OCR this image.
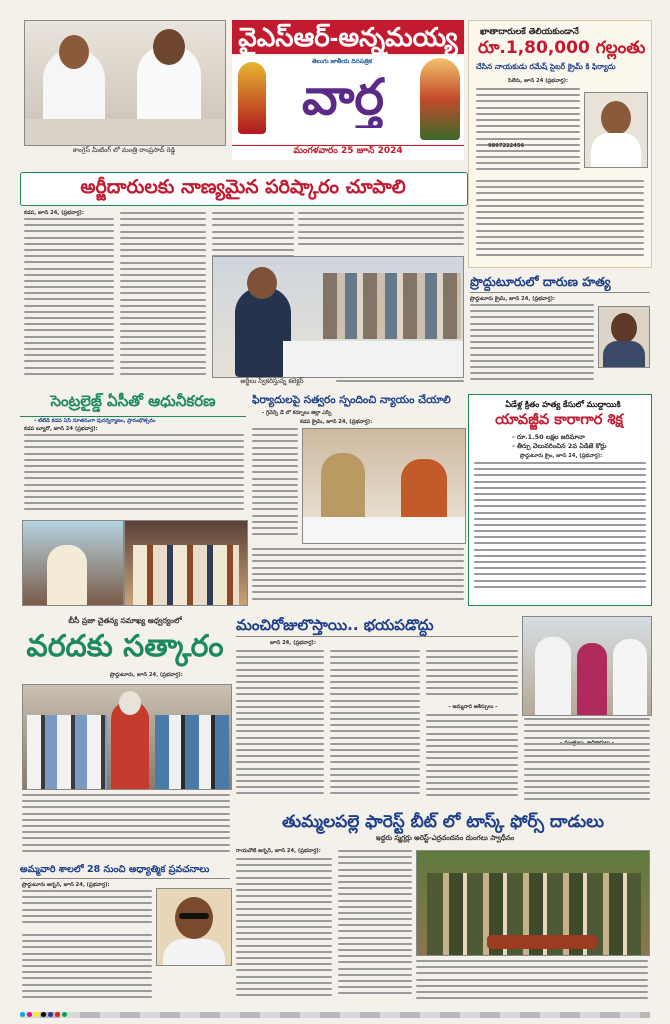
కాంగ్రెస్ మీటింగ్ లో మంత్రి రాంప్రసాద్ రెడ్డి
వైఎస్ఆర్-అన్నమయ్య
తెలుగు జాతీయ దినపత్రిక
వార్త
మంగళవారం 25 జూన్ 2024
ఖాతాదారులకే తెలియకుండానే
రూ.1,80,000 గల్లంతు
చేసిన నాయకుడు రమేష్ సైబర్ క్రైమ్ కి ఫిర్యాదు
పీలేరు, జూన్ 24 (ప్రభవార్త):
9897222456
అర్జీదారులకు నాణ్యమైన పరిష్కారం చూపాలి
కడప, జూన్ 24, (ప్రభవార్త):
అర్జీలు స్వీకరిస్తున్న కలెక్టర్
ప్రొద్దుటూరులో దారుణ హత్య
ప్రొద్దుటూరు క్రైమ్, జూన్ 24, (ప్రభవార్త):
సెంట్రలైజ్డ్ ఏసీతో ఆధునీకరణ
- టీటీడీ కడప ఏసీ నూతనంగా పునర్నిర్మాణం, ప్రారంభోత్సవం
కడప బ్యూరో, జూన్ 24 (ప్రభవార్త):
ఫిర్యాదులపై సత్వరం స్పందించి న్యాయం చేయాలి
- గ్రీవెన్స్ డే లో కర్నూలు జిల్లా ఎస్పీ
కడప క్రైమ్, జూన్ 24, (ప్రభవార్త):
ఏడేళ్ల క్రితం హత్య కేసులో ముద్దాయికి
యావజ్జీవ కారాగార శిక్ష
- రూ.1.50 లక్షల జరిమానా
- తీర్పు వెలువరించిన 2వ ఏడీజే కోర్టు
ప్రొద్దుటూరు క్రైం, జూన్ 24, (ప్రభవార్త):
బీసీ ప్రజా చైతన్య సమాఖ్య ఆధ్వర్యంలో
వరదకు సత్కారం
ప్రొద్దుటూరు, జూన్ 24, (ప్రభవార్త):
మంచిరోజులొస్తాయి.. భయపడొద్దు
జూన్ 24, (ప్రభవార్త):
- అమ్మవారి ఆశీస్సులు -
తుమ్మలపల్లె ఫారెస్ట్ బీట్ లో టాస్క్ ఫోర్స్ దాడులు
ఇద్దరు స్మగ్లర్లు అరెస్ట్-ఎర్రచందనం దుంగలు స్వాధీనం
రాయచోటి అర్బన్, జూన్ 24, (ప్రభవార్త):
అమ్మవారి శాలలో 28 నుంచి అధ్యాత్మిక ప్రవచనాలు
ప్రొద్దుటూరు అర్బన్, జూన్ 24, (ప్రభవార్త):
